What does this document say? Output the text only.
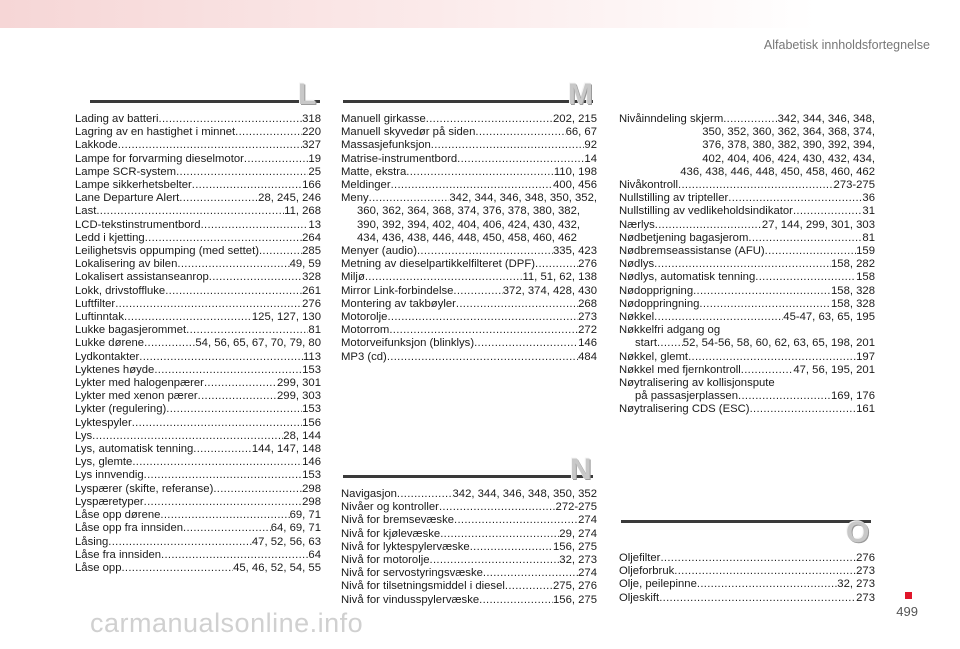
Alfabetisk innholdsfortegnelse
L
Lading av batteri .....	318
Lagring av en hastighet i minnet .....	220
Lakkode .....	327
Lampe for forvarming dieselmotor .....	19
Lampe SCR-system .....	25
Lampe sikkerhetsbelter .....	166
Lane Departure Alert .....	28, 245, 246
Last .....	11, 268
LCD-tekstinstrumentbord .....	13
Ledd i kjetting .....	264
Leilighetsvis oppumping (med settet) .....	285
Lokalisering av bilen .....	49, 59
Lokalisert assistanseanrop .....	328
Lokk, drivstoffluke .....	261
Luftfilter .....	276
Luftinntak .....	125, 127, 130
Lukke bagasjerommet .....	81
Lukke dørene .....	54, 56, 65, 67, 70, 79, 80
Lydkontakter .....	113
Lyktenes høyde .....	153
Lykter med halogenpærer .....	299, 301
Lykter med xenon pærer .....	299, 303
Lykter (regulering) .....	153
Lyktespyler .....	156
Lys .....	28, 144
Lys, automatisk tenning .....	144, 147, 148
Lys, glemte .....	146
Lys innvendig .....	153
Lyspærer (skifte, referanse) .....	298
Lyspæretyper .....	298
Låse opp dørene .....	69, 71
Låse opp fra innsiden .....	64, 69, 71
Låsing .....	47, 52, 56, 63
Låse fra innsiden .....	64
Låse opp .....	45, 46, 52, 54, 55
M
Manuell girkasse .....	202, 215
Manuell skyvedør på siden .....	66, 67
Massasjefunksjon .....	92
Matrise-instrumentbord .....	14
Matte, ekstra .....	110, 198
Meldinger .....	400, 456
Meny .....	342, 344, 346, 348, 350, 352,
360, 362, 364, 368, 374, 376, 378, 380, 382,
390, 392, 394, 402, 404, 406, 424, 430, 432,
434, 436, 438, 446, 448, 450, 458, 460, 462
Menyer (audio) .....	335, 423
Metning av dieselpartikkelfilteret (DPF) .....	276
Miljø .....	11, 51, 62, 138
Mirror Link-forbindelse .....	372, 374, 428, 430
Montering av takbøyler .....	268
Motorolje .....	273
Motorrom .....	272
Motorveifunksjon (blinklys) .....	146
MP3 (cd) .....	484
N
Navigasjon .....	342, 344, 346, 348, 350, 352
Nivåer og kontroller .....	272-275
Nivå for bremsevæske .....	274
Nivå for kjølevæske .....	29, 274
Nivå for lyktespylervæske .....	156, 275
Nivå for motorolje .....	32, 273
Nivå for servostyringsvæske .....	274
Nivå for tilsetningsmiddel i diesel .....	275, 276
Nivå for vindusspylervæske .....	156, 275
Nivåinndeling skjerm .....	342, 344, 346, 348,
350, 352, 360, 362, 364, 368, 374,
376, 378, 380, 382, 390, 392, 394,
402, 404, 406, 424, 430, 432, 434,
436, 438, 446, 448, 450, 458, 460, 462
Nivåkontroll .....	273-275
Nullstilling av tripteller .....	36
Nullstilling av vedlikeholdsindikator .....	31
Nærlys .....	27, 144, 299, 301, 303
Nødbetjening bagasjerom .....	81
Nødbremseassistanse (AFU) .....	159
Nødlys .....	158, 282
Nødlys, automatisk tenning .....	158
Nødopprigning .....	158, 328
Nødoppringning .....	158, 328
Nøkkel .....	45-47, 63, 65, 195
Nøkkelfri adgang og
start ..... 52, 54-56, 58, 60, 62, 63, 65, 198, 201
Nøkkel, glemt .....	197
Nøkkel med fjernkontroll .....	47, 56, 195, 201
Nøytralisering av kollisjonspute
på passasjerplassen .....	169, 176
Nøytralisering CDS (ESC) .....	161
O
Oljefilter .....	276
Oljeforbruk .....	273
Olje, peilepinne .....	32, 273
Oljeskift .....	273
499
carmanualsonline.info
